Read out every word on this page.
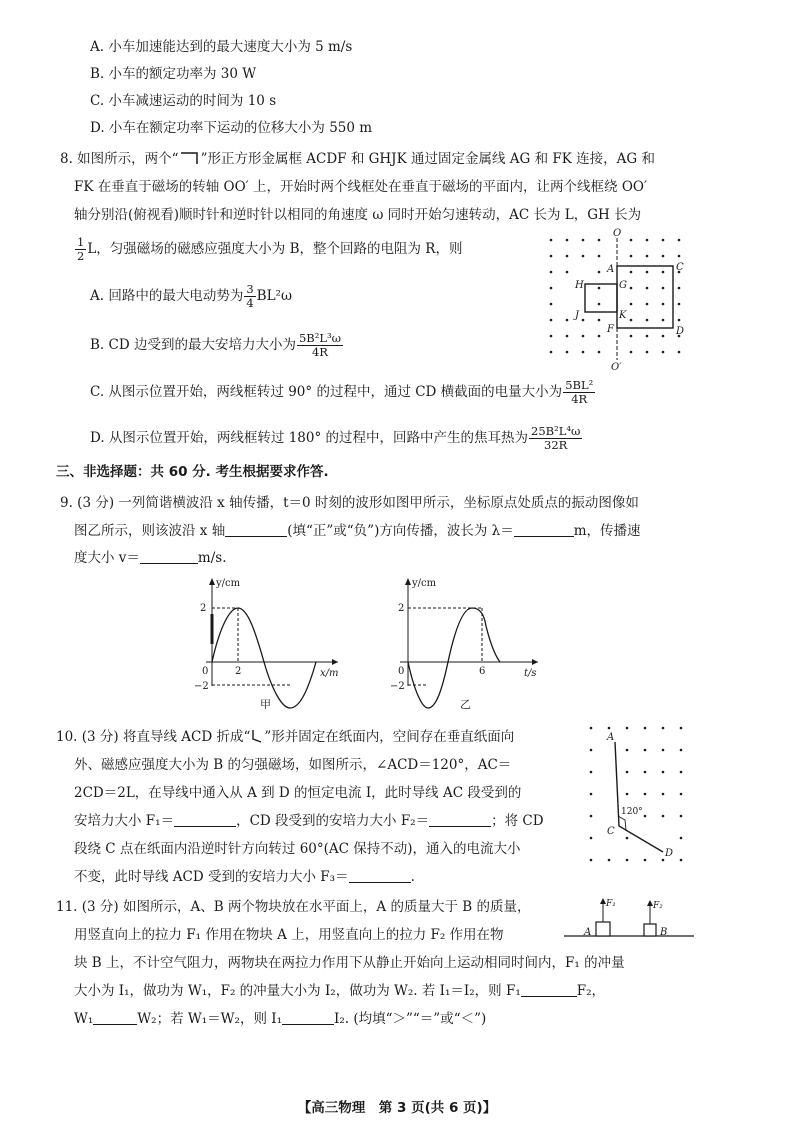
A. 小车加速能达到的最大速度大小为 5 m/s
B. 小车的额定功率为 30 W
C. 小车减速运动的时间为 10 s
D. 小车在额定功率下运动的位移大小为 550 m
8. 如图所示，两个“ ”形正方形金属框 ACDF 和 GHJK 通过固定金属线 AG 和 FK 连接，AG 和
FK 在垂直于磁场的转轴 OO′ 上，开始时两个线框处在垂直于磁场的平面内，让两个线框绕 OO′
轴分别沿(俯视看)顺时针和逆时针以相同的角速度 ω 同时开始匀速转动，AC 长为 L，GH 长为
$\frac{1}{2}$ L，匀强磁场的磁感应强度大小为 B，整个回路的电阻为 R，则
A. 回路中的最大电动势为 $\frac{3}{4} BL^2\omega$
B. CD 边受到的最大安培力大小为 $\frac{\text{5B²L³ω}}{4R}$
C. 从图示位置开始，两线框转过 90° 的过程中，通过 CD 横截面的电量大小为 $\frac{\text{5BL²}}{4R}$
D. 从图示位置开始，两线框转过 180° 的过程中，回路中产生的焦耳热为 $\frac{\text{25B²L⁴ω}}{32R}$
O
O′
A	C
D
F
G
H
J	K
三、非选择题：共 60 分. 考生根据要求作答.
9. (3 分) 一列简谐横波沿 x 轴传播，t＝0 时刻的波形如图甲所示，坐标原点处质点的振动图像如
图乙所示，则该波沿 x 轴	(填“正”或“负”)方向传播，波长为 λ＝	m，传播速
度大小 v＝	m/s.
y/cm
x/m
2
−2
0	2
甲
y/cm
t/s
2
−2
0	6
乙
10. (3 分) 将直导线 ACD 折成“ ”形并固定在纸面内，空间存在垂直纸面向
外、磁感应强度大小为 B 的匀强磁场，如图所示，∠ACD＝120°，AC＝
2CD＝2L，在导线中通入从 A 到 D 的恒定电流 I，此时导线 AC 段受到的
安培力大小 F₁＝	，CD 段受到的安培力大小 F₂＝	；将 CD
段绕 C 点在纸面内沿逆时针方向转过 60°(AC 保持不动)，通入的电流大小
不变，此时导线 ACD 受到的安培力大小 F₃＝	.
A
C
D
120°
11. (3 分) 如图所示，A、B 两个物块放在水平面上，A 的质量大于 B 的质量，
用竖直向上的拉力 F₁ 作用在物块 A 上，用竖直向上的拉力 F₂ 作用在物
块 B 上，不计空气阻力，两物块在两拉力作用下从静止开始向上运动相同时间内，F₁ 的冲量
大小为 I₁，做功为 W₁，F₂ 的冲量大小为 I₂，做功为 W₂. 若 I₁＝I₂，则 F₁	F₂，
W₁	W₂；若 W₁＝W₂，则 I₁	I₂. (均填“＞”“＝”或“＜”)
F₁	F₂
A	B
【高三物理　第 3 页(共 6 页)】
